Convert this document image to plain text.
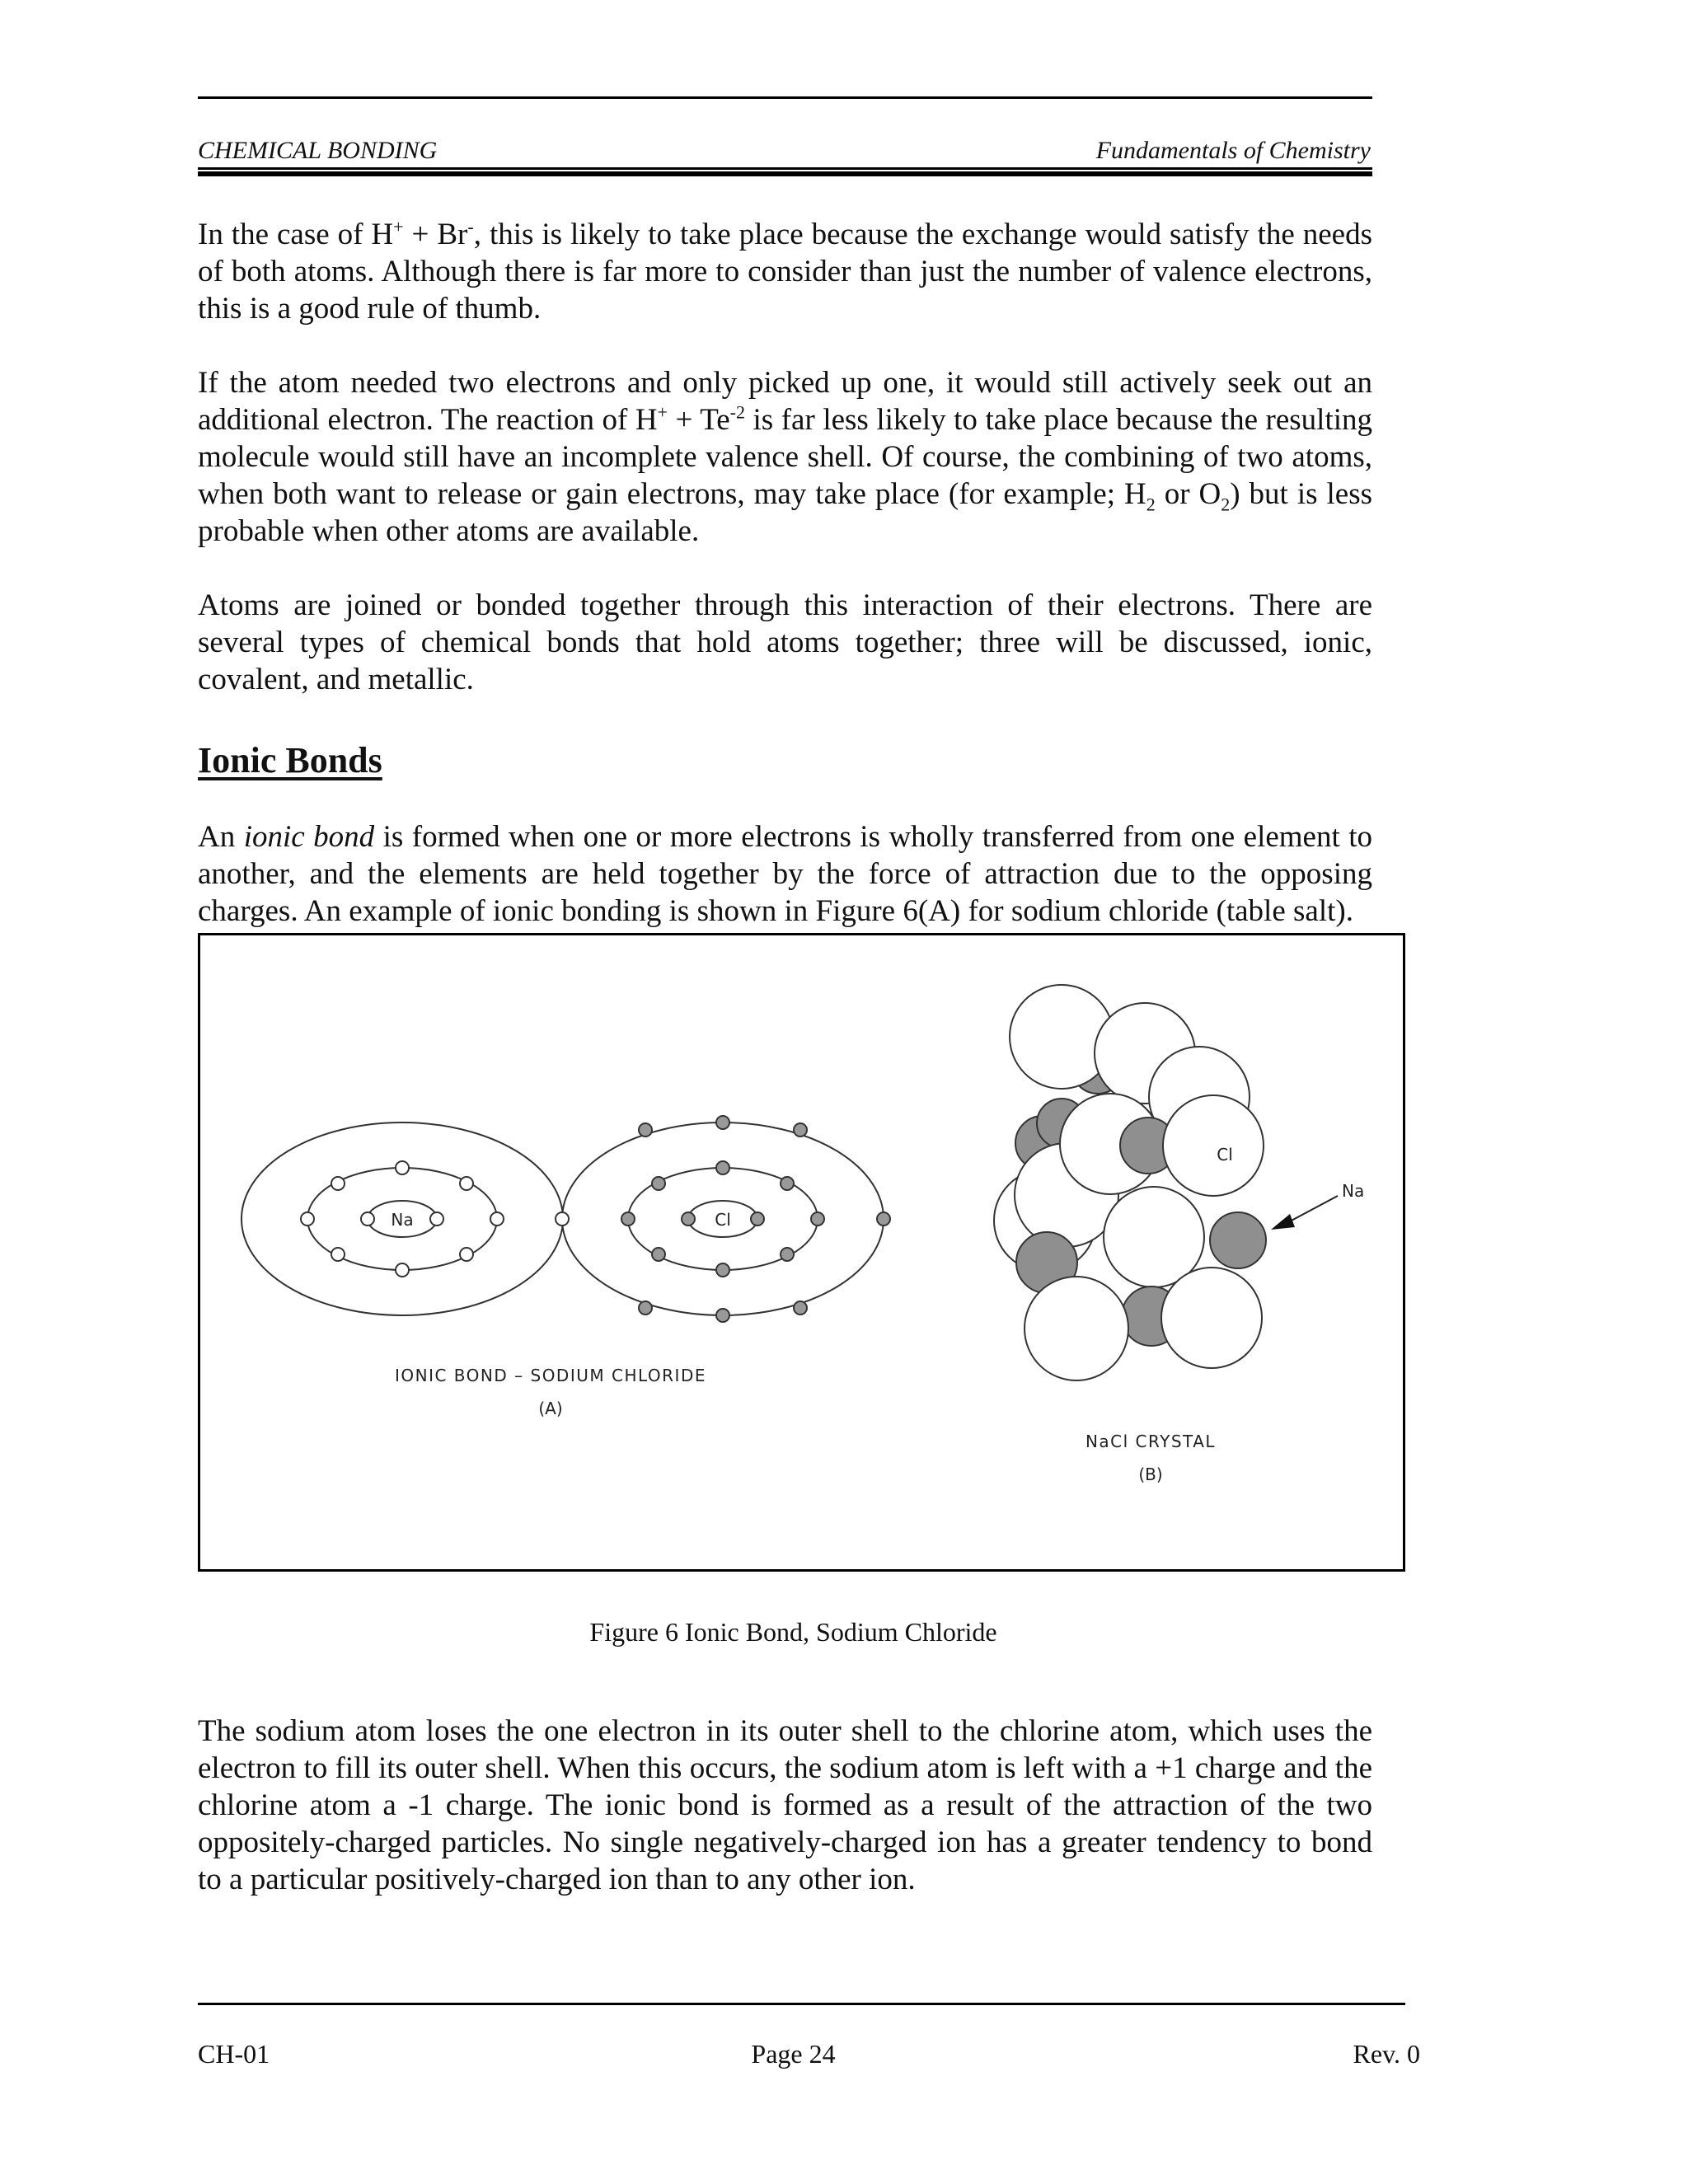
CHEMICAL BONDING	Fundamentals of Chemistry

In the case of H+ + Br-, this is likely to take place because the exchange would satisfy the needs of both atoms. Although there is far more to consider than just the number of valence electrons, this is a good rule of thumb.

If the atom needed two electrons and only picked up one, it would still actively seek out an additional electron. The reaction of $H^+ + Te^{-2}$ is far less likely to take place because the resulting molecule would still have an incomplete valence shell. Of course, the combining of two atoms, when both want to release or gain electrons, may take place (for example; $H_2$ or $O_2$) but is less probable when other atoms are available.

Atoms are joined or bonded together through this interaction of their electrons. There are several types of chemical bonds that hold atoms together; three will be discussed, ionic, covalent, and metallic.

Ionic Bonds

An ionic bond is formed when one or more electrons is wholly transferred from one element to another, and the elements are held together by the force of attraction due to the opposing charges. An example of ionic bonding is shown in Figure 6(A) for sodium chloride (table salt).

Na	Cl
Cl
Na
IONIC BOND – SODIUM CHLORIDE
(A)
NaCl CRYSTAL
(B)
Figure 6 Ionic Bond, Sodium Chloride

The sodium atom loses the one electron in its outer shell to the chlorine atom, which uses the electron to fill its outer shell. When this occurs, the sodium atom is left with a +1 charge and the chlorine atom a -1 charge. The ionic bond is formed as a result of the attraction of the two oppositely-charged particles. No single negatively-charged ion has a greater tendency to bond to a particular positively-charged ion than to any other ion.

CH-01	Page 24	Rev. 0
